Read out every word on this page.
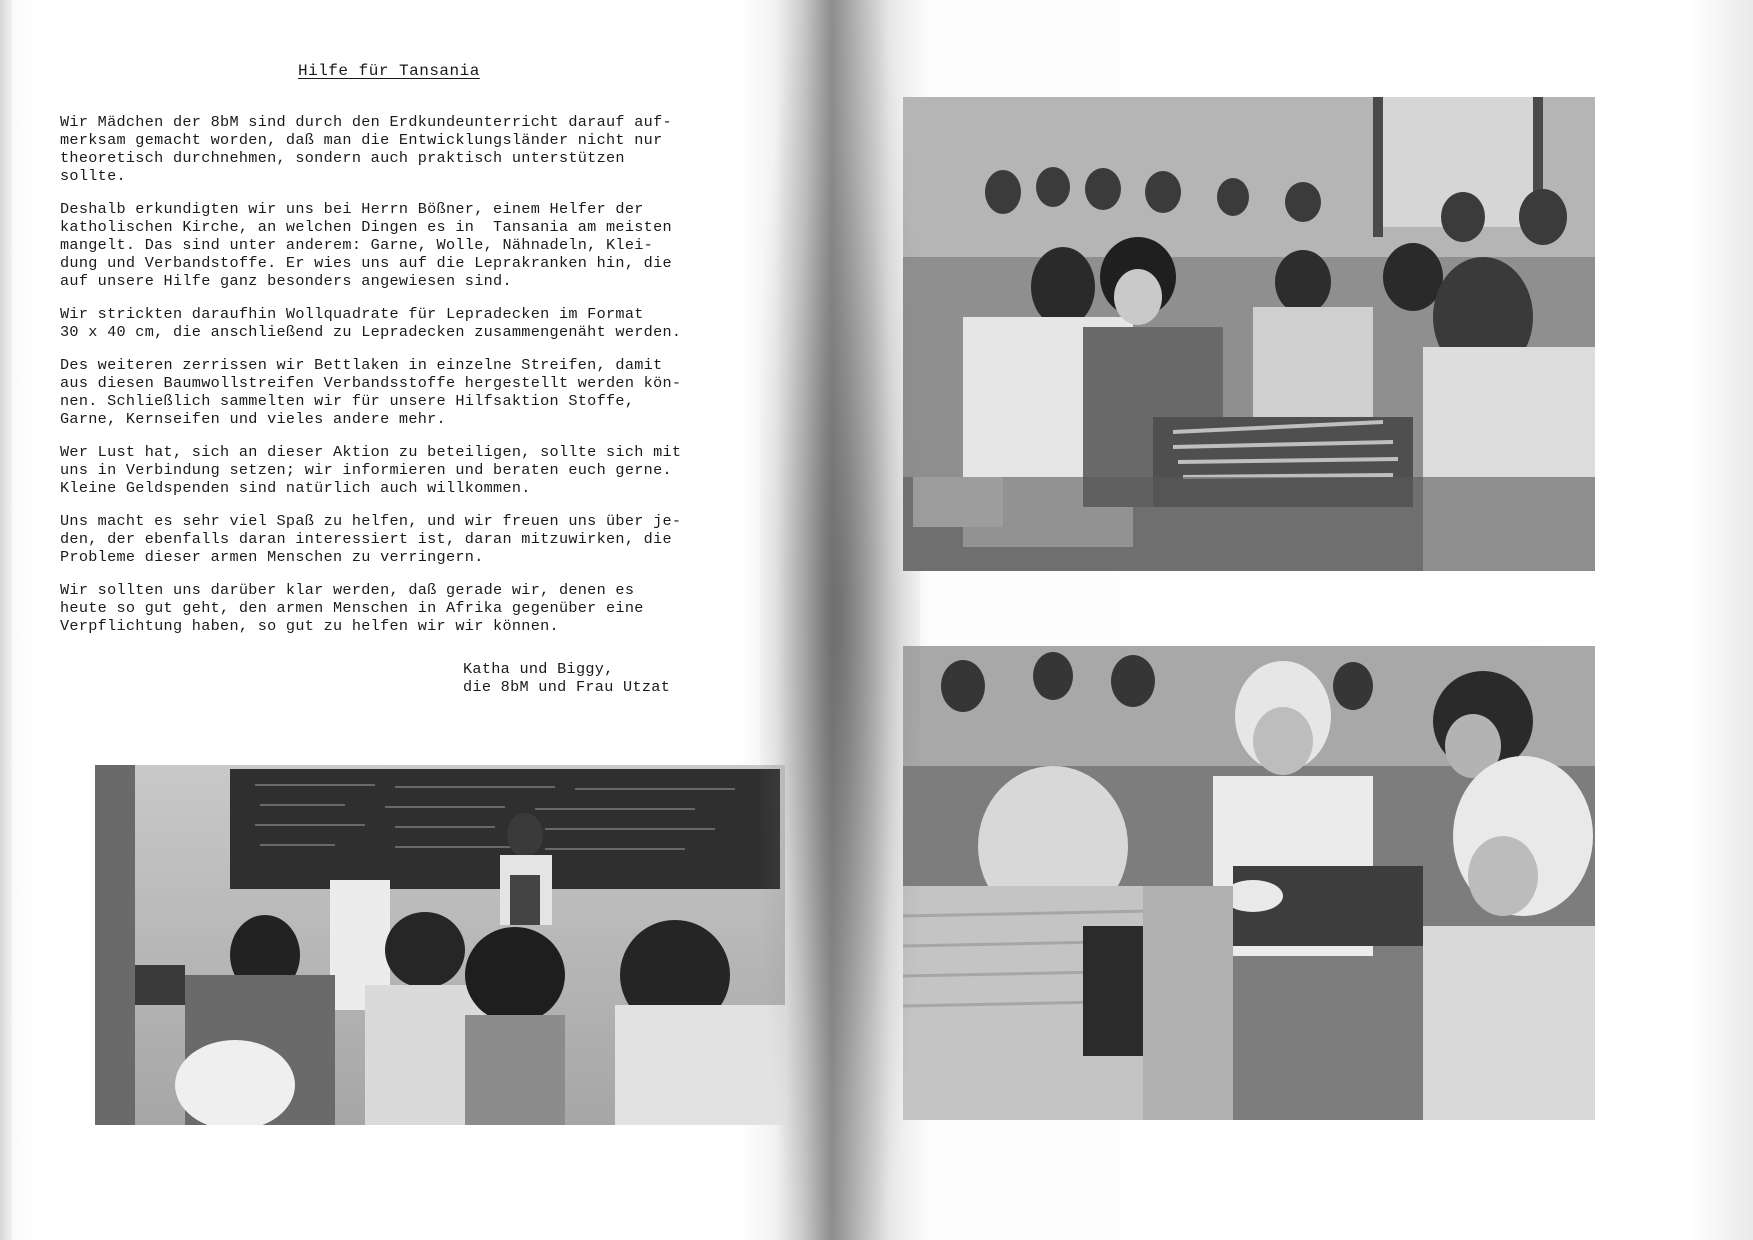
Hilfe für Tansania
Wir Mädchen der 8bM sind durch den Erdkundeunterricht darauf auf-
merksam gemacht worden, daß man die Entwicklungsländer nicht nur
theoretisch durchnehmen, sondern auch praktisch unterstützen
sollte.
Deshalb erkundigten wir uns bei Herrn Bößner, einem Helfer der
katholischen Kirche, an welchen Dingen es in  Tansania am meisten
mangelt. Das sind unter anderem: Garne, Wolle, Nähnadeln, Klei-
dung und Verbandstoffe. Er wies uns auf die Leprakranken hin, die
auf unsere Hilfe ganz besonders angewiesen sind.
Wir strickten daraufhin Wollquadrate für Lepradecken im Format
30 x 40 cm, die anschließend zu Lepradecken zusammengenäht werden.
Des weiteren zerrissen wir Bettlaken in einzelne Streifen, damit
aus diesen Baumwollstreifen Verbandsstoffe hergestellt werden kön-
nen. Schließlich sammelten wir für unsere Hilfsaktion Stoffe,
Garne, Kernseifen und vieles andere mehr.
Wer Lust hat, sich an dieser Aktion zu beteiligen, sollte sich mit
uns in Verbindung setzen; wir informieren und beraten euch gerne.
Kleine Geldspenden sind natürlich auch willkommen.
Uns macht es sehr viel Spaß zu helfen, und wir freuen uns über je-
den, der ebenfalls daran interessiert ist, daran mitzuwirken, die
Probleme dieser armen Menschen zu verringern.
Wir sollten uns darüber klar werden, daß gerade wir, denen es
heute so gut geht, den armen Menschen in Afrika gegenüber eine
Verpflichtung haben, so gut zu helfen wir wir können.
Katha und Biggy,
die 8bM und Frau Utzat
